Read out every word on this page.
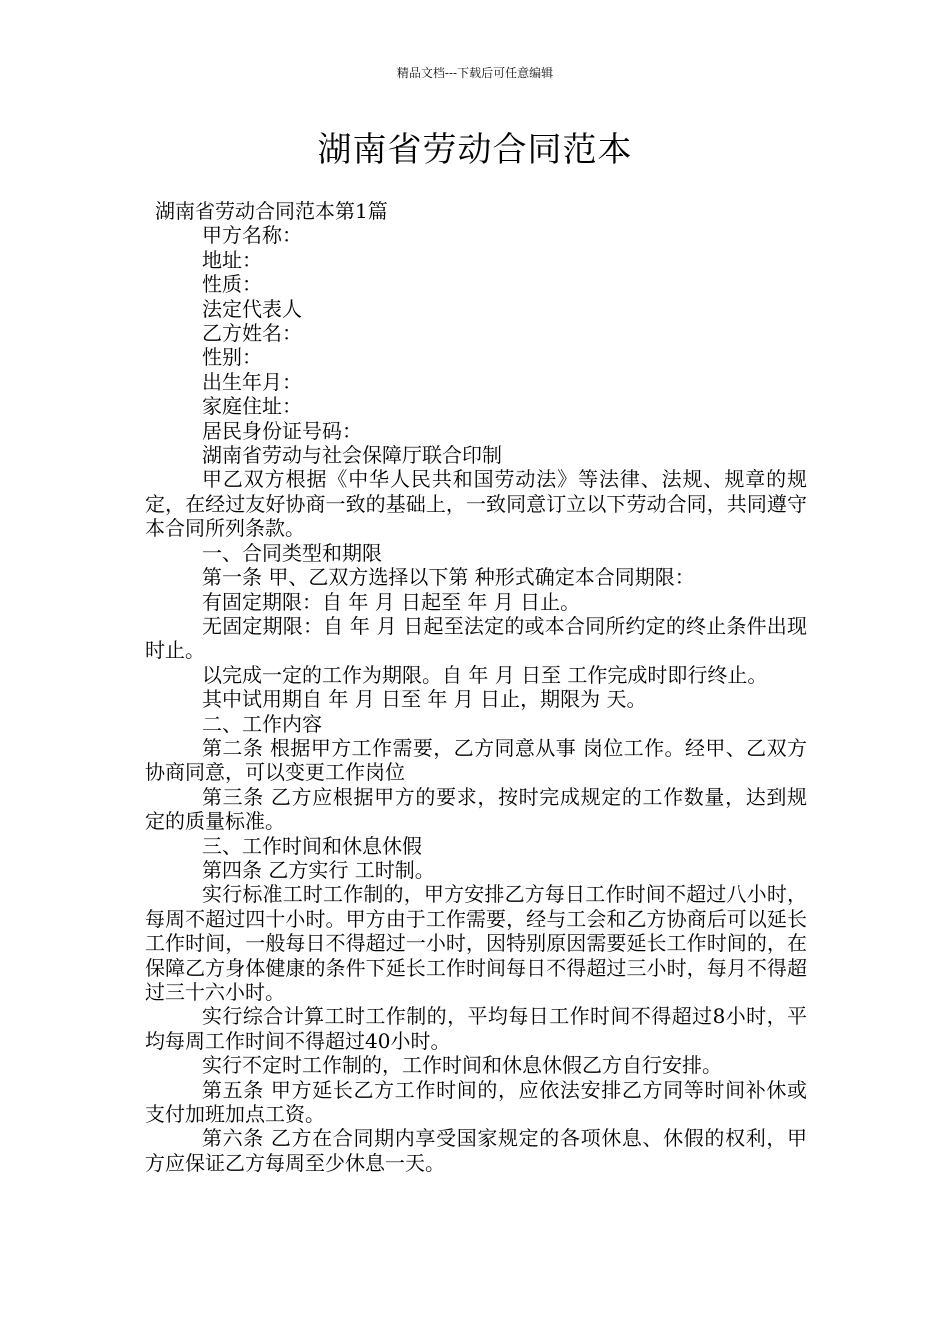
精品文档---下载后可任意编辑
湖南省劳动合同范本

湖南省劳动合同范本第1篇

甲方名称：

地址：

性质：

法定代表人

乙方姓名：

性别：

出生年月：

家庭住址：

居民身份证号码：

湖南省劳动与社会保障厅联合印制

甲乙双方根据《中华人民共和国劳动法》等法律、法规、规章的规定，在经过友好协商一致的基础上，一致同意订立以下劳动合同，共同遵守本合同所列条款。

一、合同类型和期限

第一条 甲、乙双方选择以下第 种形式确定本合同期限：

有固定期限：自 年 月 日起至 年 月 日止。

无固定期限：自 年 月 日起至法定的或本合同所约定的终止条件出现时止。

以完成一定的工作为期限。自 年 月 日至 工作完成时即行终止。

其中试用期自 年 月 日至 年 月 日止，期限为 天。

二、工作内容

第二条 根据甲方工作需要，乙方同意从事 岗位工作。经甲、乙双方协商同意，可以变更工作岗位

第三条 乙方应根据甲方的要求，按时完成规定的工作数量，达到规定的质量标准。

三、工作时间和休息休假

第四条 乙方实行 工时制。

实行标准工时工作制的，甲方安排乙方每日工作时间不超过八小时，每周不超过四十小时。甲方由于工作需要，经与工会和乙方协商后可以延长工作时间，一般每日不得超过一小时，因特别原因需要延长工作时间的，在保障乙方身体健康的条件下延长工作时间每日不得超过三小时，每月不得超过三十六小时。

实行综合计算工时工作制的，平均每日工作时间不得超过8小时，平均每周工作时间不得超过40小时。

实行不定时工作制的，工作时间和休息休假乙方自行安排。

第五条 甲方延长乙方工作时间的，应依法安排乙方同等时间补休或支付加班加点工资。

第六条 乙方在合同期内享受国家规定的各项休息、休假的权利，甲方应保证乙方每周至少休息一天。
